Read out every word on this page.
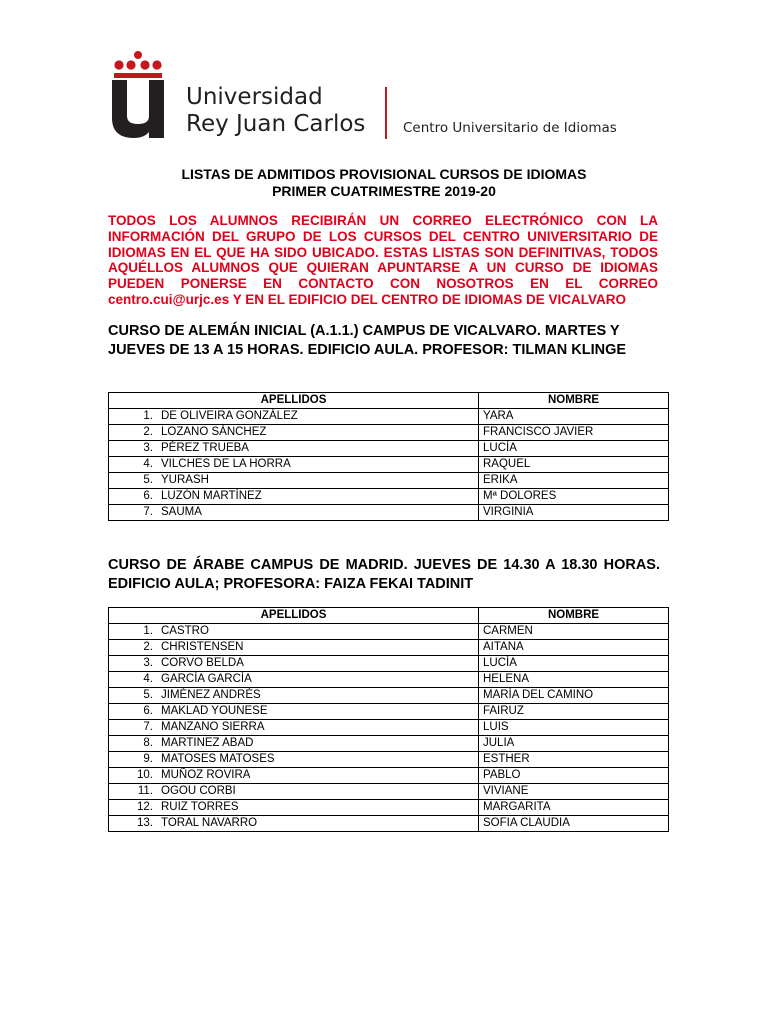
Universidad
Rey Juan Carlos	Centro Universitario de Idiomas
LISTAS DE ADMITIDOS PROVISIONAL CURSOS DE IDIOMAS
PRIMER CUATRIMESTRE 2019-20
TODOS LOS ALUMNOS RECIBIRÁN UN CORREO ELECTRÓNICO CON LA INFORMACIÓN DEL GRUPO DE LOS CURSOS DEL CENTRO UNIVERSITARIO DE IDIOMAS EN EL QUE HA SIDO UBICADO. ESTAS LISTAS SON DEFINITIVAS, TODOS AQUÉLLOS ALUMNOS QUE QUIERAN APUNTARSE A UN CURSO DE IDIOMAS PUEDEN PONERSE EN CONTACTO CON NOSOTROS EN EL CORREO centro.cui@urjc.es Y EN EL EDIFICIO DEL CENTRO DE IDIOMAS DE VICALVARO
CURSO DE ALEMÁN INICIAL (A.1.1.) CAMPUS DE VICALVARO. MARTES Y JUEVES DE 13 A 15 HORAS. EDIFICIO AULA. PROFESOR: TILMAN KLINGE
APELLIDOS	NOMBRE
1. DE OLIVEIRA GONZÁLEZ	YARA
2. LOZANO SÁNCHEZ	FRANCISCO JAVIER
3. PÉREZ TRUEBA	LUCÍA
4. VILCHES DE LA HORRA	RAQUEL
5. YURASH	ERIKA
6. LUZÓN MARTÍNEZ	Mª DOLORES
7. SAUMA	VIRGINIA
CURSO DE ÁRABE CAMPUS DE MADRID. JUEVES DE 14.30 A 18.30 HORAS. EDIFICIO AULA; PROFESORA: FAIZA FEKAI TADINIT
APELLIDOS	NOMBRE
1. CASTRO	CARMEN
2. CHRISTENSEN	AITANA
3. CORVO BELDA	LUCÍA
4. GARCÍA GARCÍA	HELENA
5. JIMÉNEZ ANDRÉS	MARÍA DEL CAMINO
6. MAKLAD YOUNESE	FAIRUZ
7. MANZANO SIERRA	LUIS
8. MARTINEZ ABAD	JULIA
9. MATOSES MATOSES	ESTHER
10. MUÑOZ ROVIRA	PABLO
11. OGOU CORBI	VIVIANE
12. RUIZ TORRES	MARGARITA
13. TORAL NAVARRO	SOFIA CLAUDIA
